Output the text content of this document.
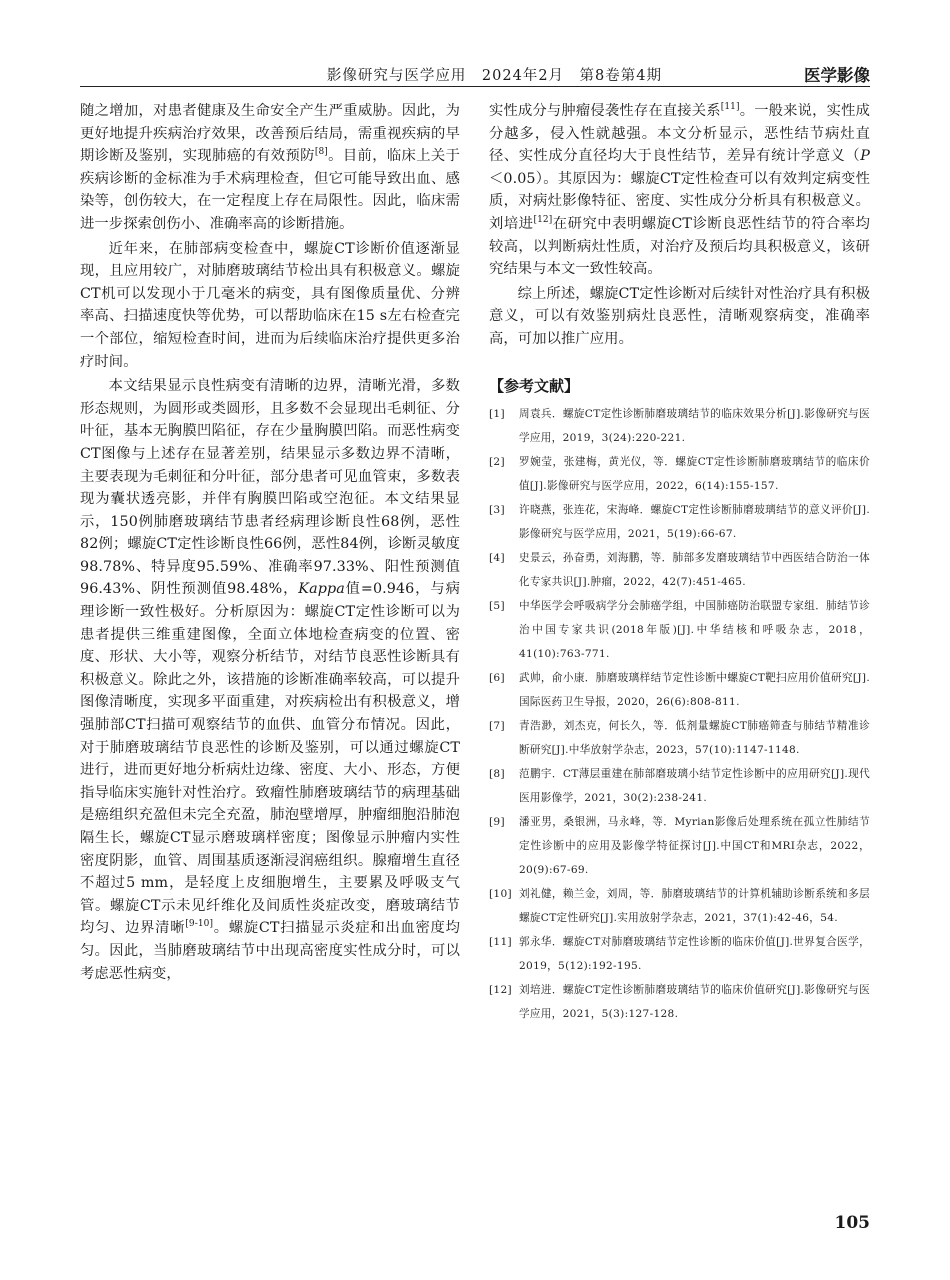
影像研究与医学应用　2024年2月　第8卷第4期	医学影像

随之增加，对患者健康及生命安全产生严重威胁。因此，为更好地提升疾病治疗效果，改善预后结局，需重视疾病的早期诊断及鉴别，实现肺癌的有效预防[8]。目前，临床上关于疾病诊断的金标准为手术病理检查，但它可能导致出血、感染等，创伤较大，在一定程度上存在局限性。因此，临床需进一步探索创伤小、准确率高的诊断措施。

近年来，在肺部病变检查中，螺旋CT诊断价值逐渐显现，且应用较广，对肺磨玻璃结节检出具有积极意义。螺旋CT机可以发现小于几毫米的病变，具有图像质量优、分辨率高、扫描速度快等优势，可以帮助临床在15 s左右检查完一个部位，缩短检查时间，进而为后续临床治疗提供更多治疗时间。

本文结果显示良性病变有清晰的边界，清晰光滑，多数形态规则，为圆形或类圆形，且多数不会显现出毛刺征、分叶征，基本无胸膜凹陷征，存在少量胸膜凹陷。而恶性病变CT图像与上述存在显著差别，结果显示多数边界不清晰，主要表现为毛刺征和分叶征，部分患者可见血管束，多数表现为囊状透亮影，并伴有胸膜凹陷或空泡征。本文结果显示，150例肺磨玻璃结节患者经病理诊断良性68例，恶性82例；螺旋CT定性诊断良性66例，恶性84例，诊断灵敏度98.78%、特异度95.59%、准确率97.33%、阳性预测值96.43%、阴性预测值98.48%，Kappa值=0.946，与病理诊断一致性极好。分析原因为：螺旋CT定性诊断可以为患者提供三维重建图像，全面立体地检查病变的位置、密度、形状、大小等，观察分析结节，对结节良恶性诊断具有积极意义。除此之外，该措施的诊断准确率较高，可以提升图像清晰度，实现多平面重建，对疾病检出有积极意义，增强肺部CT扫描可观察结节的血供、血管分布情况。因此，对于肺磨玻璃结节良恶性的诊断及鉴别，可以通过螺旋CT进行，进而更好地分析病灶边缘、密度、大小、形态，方便指导临床实施针对性治疗。致瘤性肺磨玻璃结节的病理基础是癌组织充盈但未完全充盈，肺泡壁增厚，肿瘤细胞沿肺泡隔生长，螺旋CT显示磨玻璃样密度；图像显示肿瘤内实性密度阴影，血管、周围基质逐渐浸润癌组织。腺瘤增生直径不超过5 mm，是轻度上皮细胞增生，主要累及呼吸支气管。螺旋CT示未见纤维化及间质性炎症改变，磨玻璃结节均匀、边界清晰[9-10]。螺旋CT扫描显示炎症和出血密度均匀。因此，当肺磨玻璃结节中出现高密度实性成分时，可以考虑恶性病变，

实性成分与肿瘤侵袭性存在直接关系[11]。一般来说，实性成分越多，侵入性就越强。本文分析显示，恶性结节病灶直径、实性成分直径均大于良性结节，差异有统计学意义（P＜0.05）。其原因为：螺旋CT定性检查可以有效判定病变性质，对病灶影像特征、密度、实性成分分析具有积极意义。刘培进[12]在研究中表明螺旋CT诊断良恶性结节的符合率均较高，以判断病灶性质，对治疗及预后均具积极意义，该研究结果与本文一致性较高。

综上所述，螺旋CT定性诊断对后续针对性治疗具有积极意义，可以有效鉴别病灶良恶性，清晰观察病变，准确率高，可加以推广应用。

【参考文献】
[1]	周袁兵．螺旋CT定性诊断肺磨玻璃结节的临床效果分析[J].影像研究与医学应用，2019，3(24):220-221.
[2]	罗婉莹，张建梅，黄光仪，等．螺旋CT定性诊断肺磨玻璃结节的临床价值[J].影像研究与医学应用，2022，6(14):155-157.
[3]	许晓燕，张连花，宋海峰．螺旋CT定性诊断肺磨玻璃结节的意义评价[J].影像研究与医学应用，2021，5(19):66-67.
[4]	史景云，孙奋勇，刘海鹏，等．肺部多发磨玻璃结节中西医结合防治一体化专家共识[J].肿瘤，2022，42(7):451-465.
[5]	中华医学会呼吸病学分会肺癌学组，中国肺癌防治联盟专家组．肺结节诊治中国专家共识(2018年版)[J].中华结核和呼吸杂志，2018，41(10):763-771.
[6]	武帅，俞小康．肺磨玻璃样结节定性诊断中螺旋CT靶扫应用价值研究[J].国际医药卫生导报，2020，26(6):808-811.
[7]	青浩渺，刘杰克，何长久，等．低剂量螺旋CT肺癌筛查与肺结节精准诊断研究[J].中华放射学杂志，2023，57(10):1147-1148.
[8]	范鹏宇．CT薄层重建在肺部磨玻璃小结节定性诊断中的应用研究[J].现代医用影像学，2021，30(2):238-241.
[9]	潘亚男，桑银洲，马永峰，等．Myrian影像后处理系统在孤立性肺结节定性诊断中的应用及影像学特征探讨[J].中国CT和MRI杂志，2022，20(9):67-69.
[10] 刘礼健，赖兰金，刘周，等．肺磨玻璃结节的计算机辅助诊断系统和多层螺旋CT定性研究[J].实用放射学杂志，2021，37(1):42-46，54.
[11] 郭永华．螺旋CT对肺磨玻璃结节定性诊断的临床价值[J].世界复合医学，2019，5(12):192-195.
[12] 刘培进．螺旋CT定性诊断肺磨玻璃结节的临床价值研究[J].影像研究与医学应用，2021，5(3):127-128.
105
